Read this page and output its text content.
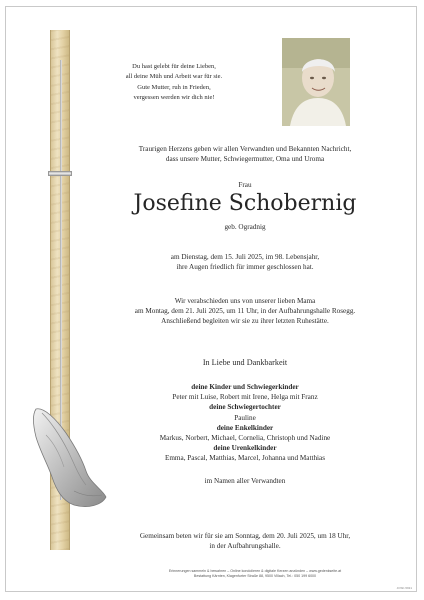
Du hast gelebt für deine Lieben,

all deine Müh und Arbeit war für sie.

Gute Mutter, ruh in Frieden,

vergessen werden wir dich nie!

Traurigen Herzens geben wir allen Verwandten und Bekannten Nachricht,

dass unsere Mutter, Schwiegermutter, Oma und Uroma

Frau
Josefine Schobernig
geb. Ogradnig

am Dienstag, dem 15. Juli 2025, im 98. Lebensjahr,

ihre Augen friedlich für immer geschlossen hat.

Wir verabschieden uns von unserer lieben Mama

am Montag, dem 21. Juli 2025, um 11 Uhr, in der Aufbahrungshalle Rosegg.

Anschließend begleiten wir sie zu ihrer letzten Ruhestätte.

In Liebe und Dankbarkeit

deine Kinder und Schwiegerkinder

Peter mit Luise, Robert mit Irene, Helga mit Franz

deine Schwiegertochter

Pauline

deine Enkelkinder

Markus, Norbert, Michael, Cornelia, Christoph und Nadine

deine Urenkelkinder

Emma, Pascal, Matthias, Marcel, Johanna und Matthias

im Namen aller Verwandten

Gemeinsam beten wir für sie am Sonntag, dem 20. Juli 2025, um 18 Uhr,

in der Aufbahrungshalle.

Erinnerungen sammeln & bewahren – Online kondolieren & digitale Kerzen anzünden – www.gedenkseite.at

Bestattung Kärnten, Klagenfurter Straße 88, 9500 Villach, Tel.: 050 199 6000

JOSF-5931
